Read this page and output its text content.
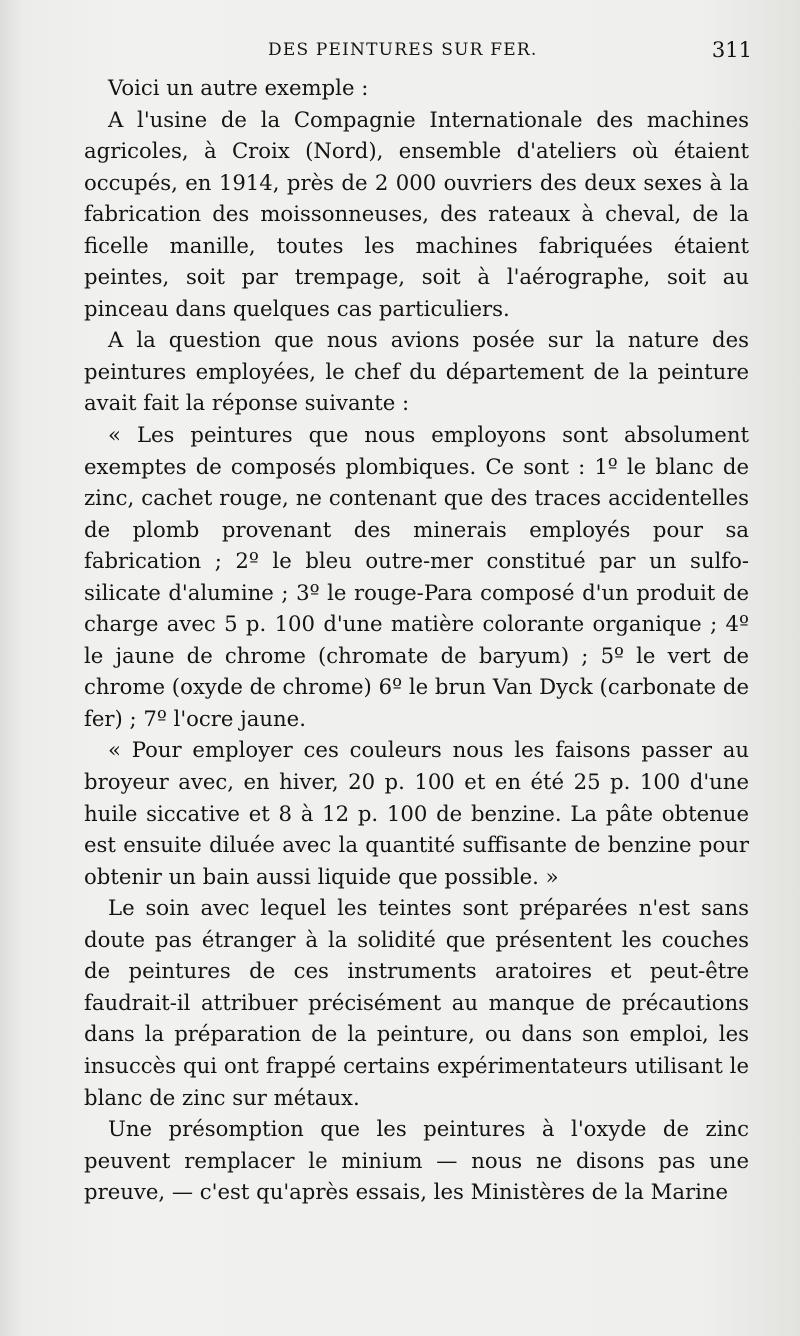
DES PEINTURES SUR FER.	311

Voici un autre exemple :

A l'usine de la Compagnie Internationale des machines agricoles, à Croix (Nord), ensemble d'ateliers où étaient occupés, en 1914, près de 2 000 ouvriers des deux sexes à la fabrication des moissonneuses, des rateaux à cheval, de la ficelle manille, toutes les machines fabriquées étaient peintes, soit par trempage, soit à l'aérographe, soit au pinceau dans quelques cas particuliers.

A la question que nous avions posée sur la nature des peintures employées, le chef du département de la peinture avait fait la réponse suivante :

« Les peintures que nous employons sont absolument exemptes de composés plombiques. Ce sont : 1º le blanc de zinc, cachet rouge, ne contenant que des traces accidentelles de plomb provenant des minerais employés pour sa fabrication ; 2º le bleu outre-mer constitué par un sulfo-silicate d'alumine ; 3º le rouge-Para composé d'un produit de charge avec 5 p. 100 d'une matière colorante organique ; 4º le jaune de chrome (chromate de baryum) ; 5º le vert de chrome (oxyde de chrome) 6º le brun Van Dyck (carbonate de fer) ; 7º l'ocre jaune.

« Pour employer ces couleurs nous les faisons passer au broyeur avec, en hiver, 20 p. 100 et en été 25 p. 100 d'une huile siccative et 8 à 12 p. 100 de benzine. La pâte obtenue est ensuite diluée avec la quantité suffisante de benzine pour obtenir un bain aussi liquide que possible. »

Le soin avec lequel les teintes sont préparées n'est sans doute pas étranger à la solidité que présentent les couches de peintures de ces instruments aratoires et peut-être faudrait-il attribuer précisément au manque de précautions dans la préparation de la peinture, ou dans son emploi, les insuccès qui ont frappé certains expérimentateurs utilisant le blanc de zinc sur métaux.

Une présomption que les peintures à l'oxyde de zinc peuvent remplacer le minium — nous ne disons pas une preuve, — c'est qu'après essais, les Ministères de la Marine
